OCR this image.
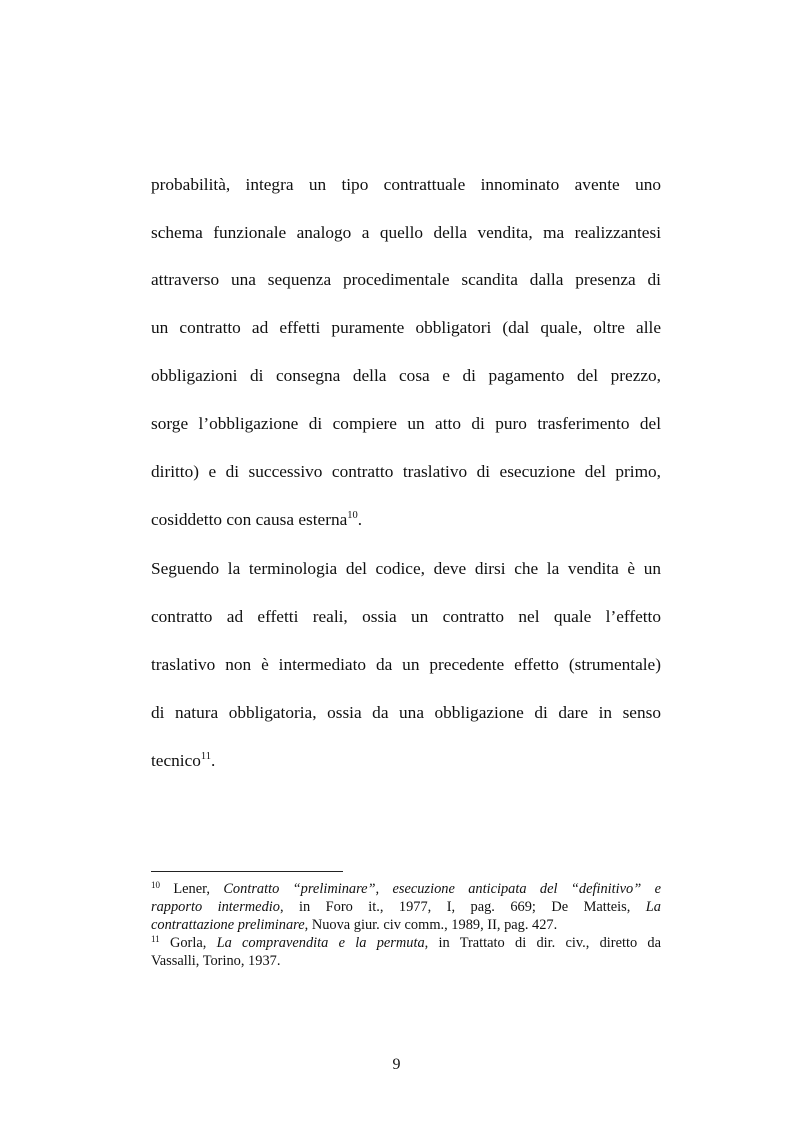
probabilità, integra un tipo contrattuale innominato avente uno
schema funzionale analogo a quello della vendita, ma realizzantesi
attraverso una sequenza procedimentale scandita dalla presenza di
un contratto ad effetti puramente obbligatori (dal quale, oltre alle
obbligazioni di consegna della cosa e di pagamento del prezzo,
sorge l’obbligazione di compiere un atto di puro trasferimento del
diritto) e di successivo contratto traslativo di esecuzione del primo,
cosiddetto con causa esterna$^{10}$.
Seguendo la terminologia del codice, deve dirsi che la vendita è un
contratto ad effetti reali, ossia un contratto nel quale l’effetto
traslativo non è intermediato da un precedente effetto (strumentale)
di natura obbligatoria, ossia da una obbligazione di dare in senso
tecnico$^{11}$.
$^{10}$ Lener, Contratto “preliminare”, esecuzione anticipata del “definitivo” e
rapporto intermedio, in Foro it., 1977, I, pag. 669; De Matteis, La
contrattazione preliminare, Nuova giur. civ comm., 1989, II, pag. 427.
$^{11}$ Gorla, La compravendita e la permuta, in Trattato di dir. civ., diretto da
Vassalli, Torino, 1937.
9
